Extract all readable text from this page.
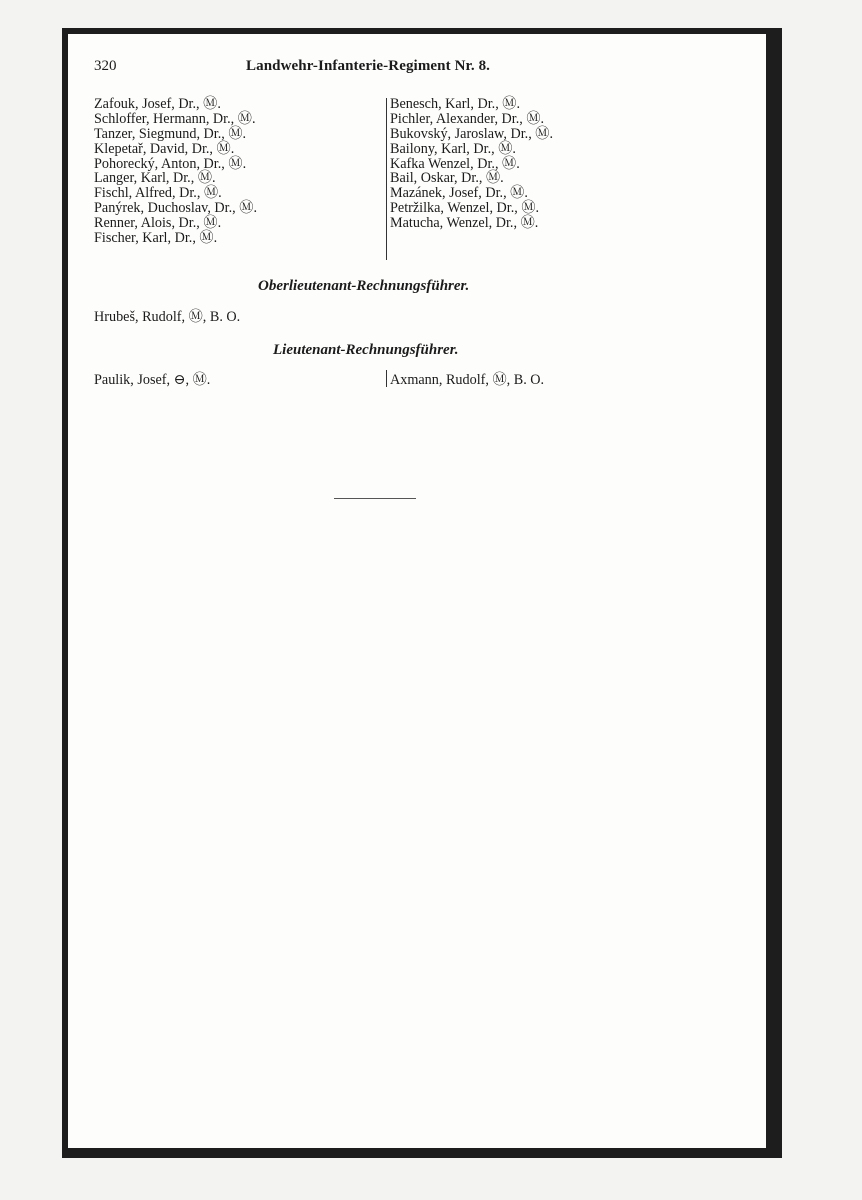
320	Landwehr-Infanterie-Regiment Nr. 8.
Zafouk, Josef, Dr., Ⓜ.
Schloffer, Hermann, Dr., Ⓜ.
Tanzer, Siegmund, Dr., Ⓜ.
Klepetař, David, Dr., Ⓜ.
Pohorecký, Anton, Dr., Ⓜ.
Langer, Karl, Dr., Ⓜ.
Fischl, Alfred, Dr., Ⓜ.
Panýrek, Duchoslav, Dr., Ⓜ.
Renner, Alois, Dr., Ⓜ.
Fischer, Karl, Dr., Ⓜ.
Benesch, Karl, Dr., Ⓜ.
Pichler, Alexander, Dr., Ⓜ.
Bukovský, Jaroslaw, Dr., Ⓜ.
Bailony, Karl, Dr., Ⓜ.
Kafka Wenzel, Dr., Ⓜ.
Bail, Oskar, Dr., Ⓜ.
Mazánek, Josef, Dr., Ⓜ.
Petržilka, Wenzel, Dr., Ⓜ.
Matucha, Wenzel, Dr., Ⓜ.
Oberlieutenant-Rechnungsführer.
Hrubeš, Rudolf, Ⓜ, B. O.
Lieutenant-Rechnungsführer.
Paulik, Josef, ⊖, Ⓜ.	Axmann, Rudolf, Ⓜ, B. O.
